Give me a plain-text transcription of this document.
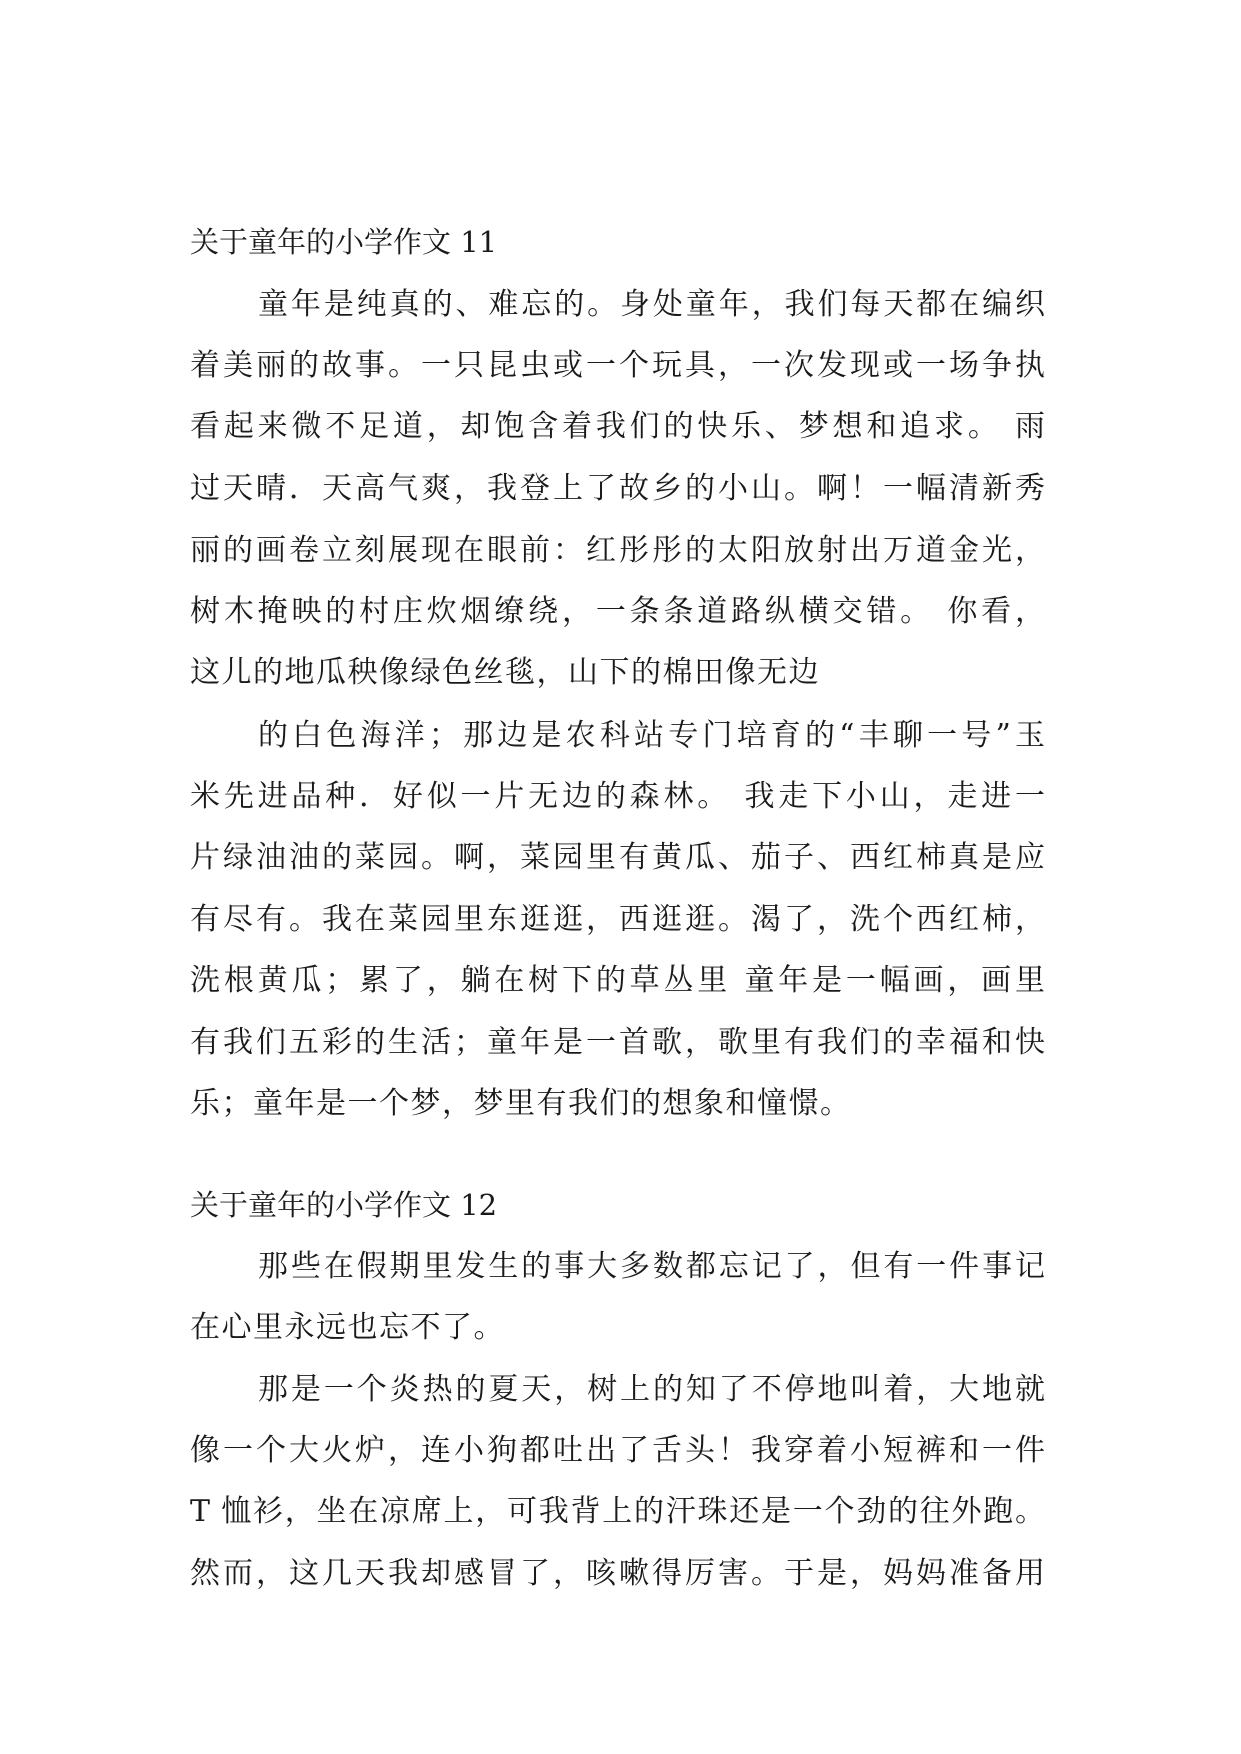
关于童年的小学作文 11
童年是纯真的、难忘的。身处童年，我们每天都在编织
着美丽的故事。一只昆虫或一个玩具，一次发现或一场争执
看起来微不足道，却饱含着我们的快乐、梦想和追求。 雨
过天晴．天高气爽，我登上了故乡的小山。啊！一幅清新秀
丽的画卷立刻展现在眼前：红彤彤的太阳放射出万道金光，
树木掩映的村庄炊烟缭绕，一条条道路纵横交错。 你看，
这儿的地瓜秧像绿色丝毯，山下的棉田像无边
的白色海洋；那边是农科站专门培育的“丰聊一号”玉
米先进品种．好似一片无边的森林。 我走下小山，走进一
片绿油油的菜园。啊，菜园里有黄瓜、茄子、西红柿真是应
有尽有。我在菜园里东逛逛，西逛逛。渴了，洗个西红柿，
洗根黄瓜；累了，躺在树下的草丛里 童年是一幅画，画里
有我们五彩的生活；童年是一首歌，歌里有我们的幸福和快
乐；童年是一个梦，梦里有我们的想象和憧憬。
关于童年的小学作文 12
那些在假期里发生的事大多数都忘记了，但有一件事记
在心里永远也忘不了。
那是一个炎热的夏天，树上的知了不停地叫着，大地就
像一个大火炉，连小狗都吐出了舌头！我穿着小短裤和一件
T 恤衫，坐在凉席上，可我背上的汗珠还是一个劲的往外跑。
然而，这几天我却感冒了，咳嗽得厉害。于是，妈妈准备用
